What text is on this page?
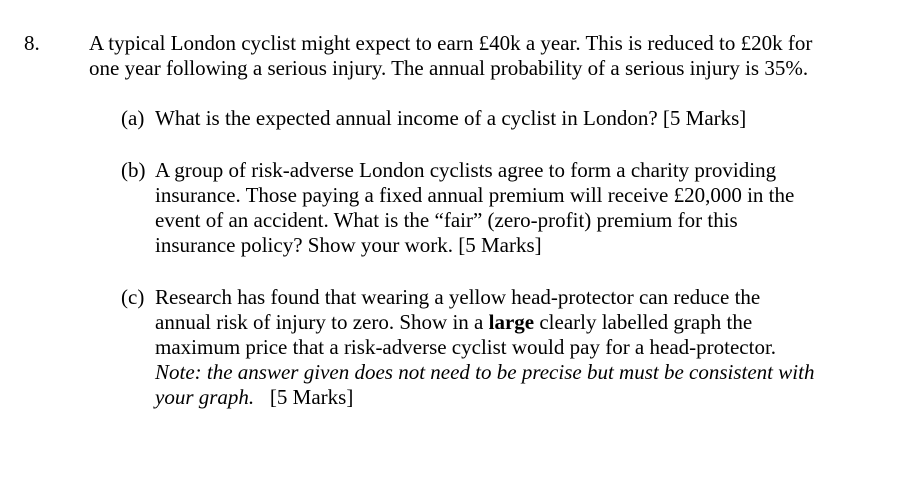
8. A typical London cyclist might expect to earn £40k a year. This is reduced to £20k for
one year following a serious injury. The annual probability of a serious injury is 35%.
(a) What is the expected annual income of a cyclist in London? [5 Marks]
(b) A group of risk-adverse London cyclists agree to form a charity providing
insurance. Those paying a fixed annual premium will receive £20,000 in the
event of an accident. What is the “fair” (zero-profit) premium for this
insurance policy? Show your work. [5 Marks]
(c) Research has found that wearing a yellow head-protector can reduce the
annual risk of injury to zero. Show in a large clearly labelled graph the
maximum price that a risk-adverse cyclist would pay for a head-protector.
Note: the answer given does not need to be precise but must be consistent with
your graph. [5 Marks]
